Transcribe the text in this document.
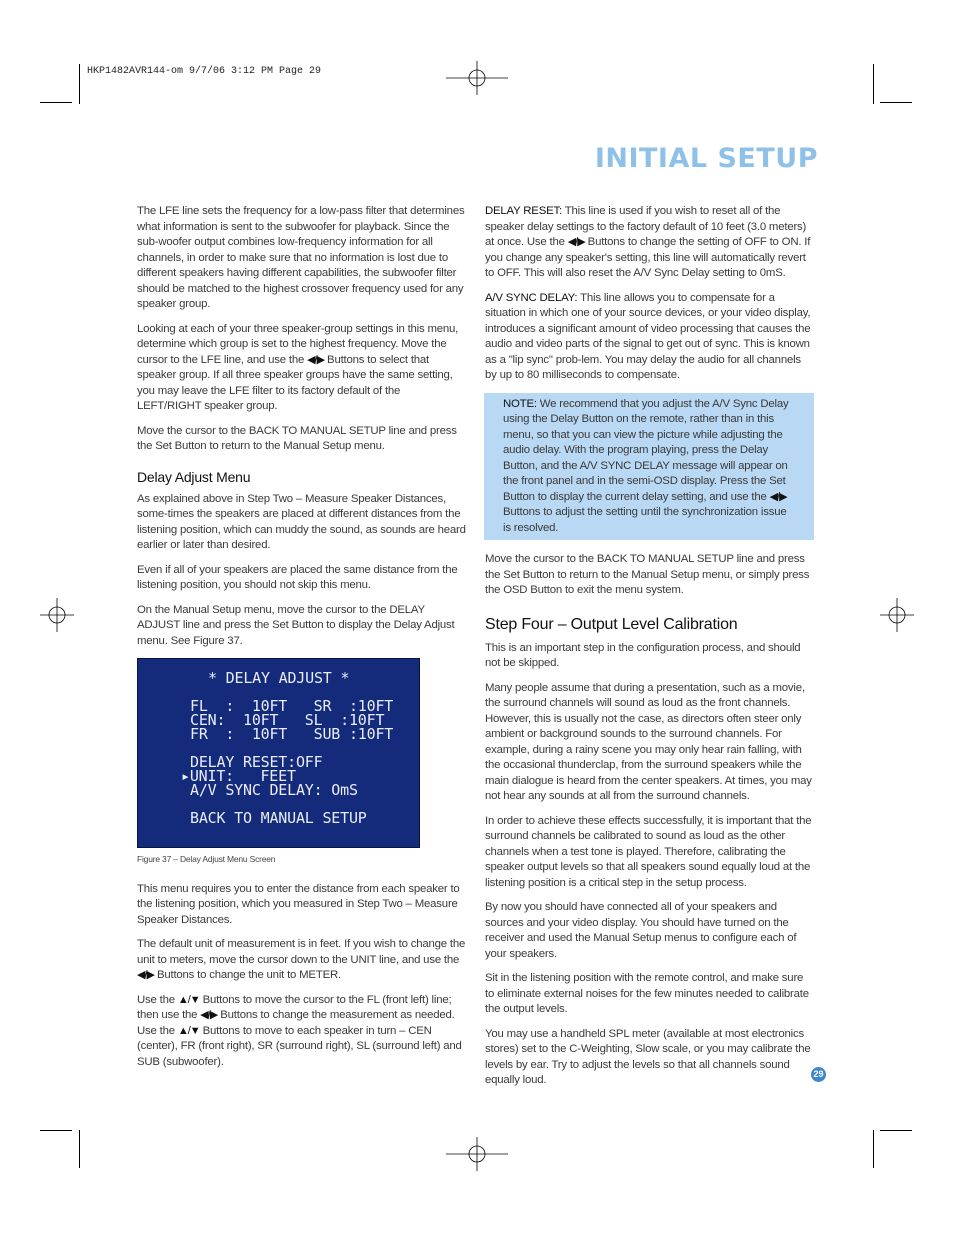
HKP1482AVR144-om 9/7/06 3:12 PM Page 29
INITIAL SETUP

The LFE line sets the frequency for a low-pass filter that determines what information is sent to the subwoofer for playback. Since the sub-woofer output combines low-frequency information for all channels, in order to make sure that no information is lost due to different speakers having different capabilities, the subwoofer filter should be matched to the highest crossover frequency used for any speaker group.

Looking at each of your three speaker-group settings in this menu, determine which group is set to the highest frequency. Move the cursor to the LFE line, and use the ◀/▶ Buttons to select that speaker group. If all three speaker groups have the same setting, you may leave the LFE filter to its factory default of the LEFT/RIGHT speaker group.

Move the cursor to the BACK TO MANUAL SETUP line and press the Set Button to return to the Manual Setup menu.

Delay Adjust Menu

As explained above in Step Two – Measure Speaker Distances, some-times the speakers are placed at different distances from the listening position, which can muddy the sound, as sounds are heard earlier or later than desired.

Even if all of your speakers are placed the same distance from the listening position, you should not skip this menu.

On the Manual Setup menu, move the cursor to the DELAY ADJUST line and press the Set Button to display the Delay Adjust menu. See Figure 37.

* DELAY ADJUST *
FL  :  10FT   SR  :10FT
CEN:  10FT   SL  :10FT
FR  :  10FT   SUB :10FT
DELAY RESET:OFF
▸UNIT:   FEET
A/V SYNC DELAY: OmS
BACK TO MANUAL SETUP
Figure 37 – Delay Adjust Menu Screen

This menu requires you to enter the distance from each speaker to the listening position, which you measured in Step Two – Measure Speaker Distances.

The default unit of measurement is in feet. If you wish to change the unit to meters, move the cursor down to the UNIT line, and use the ◀/▶ Buttons to change the unit to METER.

Use the ▲/▼ Buttons to move the cursor to the FL (front left) line; then use the ◀/▶ Buttons to change the measurement as needed. Use the ▲/▼ Buttons to move to each speaker in turn – CEN (center), FR (front right), SR (surround right), SL (surround left) and SUB (subwoofer).

DELAY RESET: This line is used if you wish to reset all of the speaker delay settings to the factory default of 10 feet (3.0 meters) at once. Use the ◀/▶ Buttons to change the setting of OFF to ON. If you change any speaker's setting, this line will automatically revert to OFF. This will also reset the A/V Sync Delay setting to 0mS.

A/V SYNC DELAY: This line allows you to compensate for a situation in which one of your source devices, or your video display, introduces a significant amount of video processing that causes the audio and video parts of the signal to get out of sync. This is known as a "lip sync" prob-lem. You may delay the audio for all channels by up to 80 milliseconds to compensate.

NOTE: We recommend that you adjust the A/V Sync Delay using the Delay Button on the remote, rather than in this menu, so that you can view the picture while adjusting the audio delay. With the program playing, press the Delay Button, and the A/V SYNC DELAY message will appear on the front panel and in the semi-OSD display. Press the Set Button to display the current delay setting, and use the ◀/▶ Buttons to adjust the setting until the synchronization issue is resolved.

Move the cursor to the BACK TO MANUAL SETUP line and press the Set Button to return to the Manual Setup menu, or simply press the OSD Button to exit the menu system.

Step Four – Output Level Calibration

This is an important step in the configuration process, and should not be skipped.

Many people assume that during a presentation, such as a movie, the surround channels will sound as loud as the front channels. However, this is usually not the case, as directors often steer only ambient or background sounds to the surround channels. For example, during a rainy scene you may only hear rain falling, with the occasional thunderclap, from the surround speakers while the main dialogue is heard from the center speakers. At times, you may not hear any sounds at all from the surround channels.

In order to achieve these effects successfully, it is important that the surround channels be calibrated to sound as loud as the other channels when a test tone is played. Therefore, calibrating the speaker output levels so that all speakers sound equally loud at the listening position is a critical step in the setup process.

By now you should have connected all of your speakers and sources and your video display. You should have turned on the receiver and used the Manual Setup menus to configure each of your speakers.

Sit in the listening position with the remote control, and make sure to eliminate external noises for the few minutes needed to calibrate the output levels.

You may use a handheld SPL meter (available at most electronics stores) set to the C-Weighting, Slow scale, or you may calibrate the levels by ear. Try to adjust the levels so that all channels sound equally loud.	29
